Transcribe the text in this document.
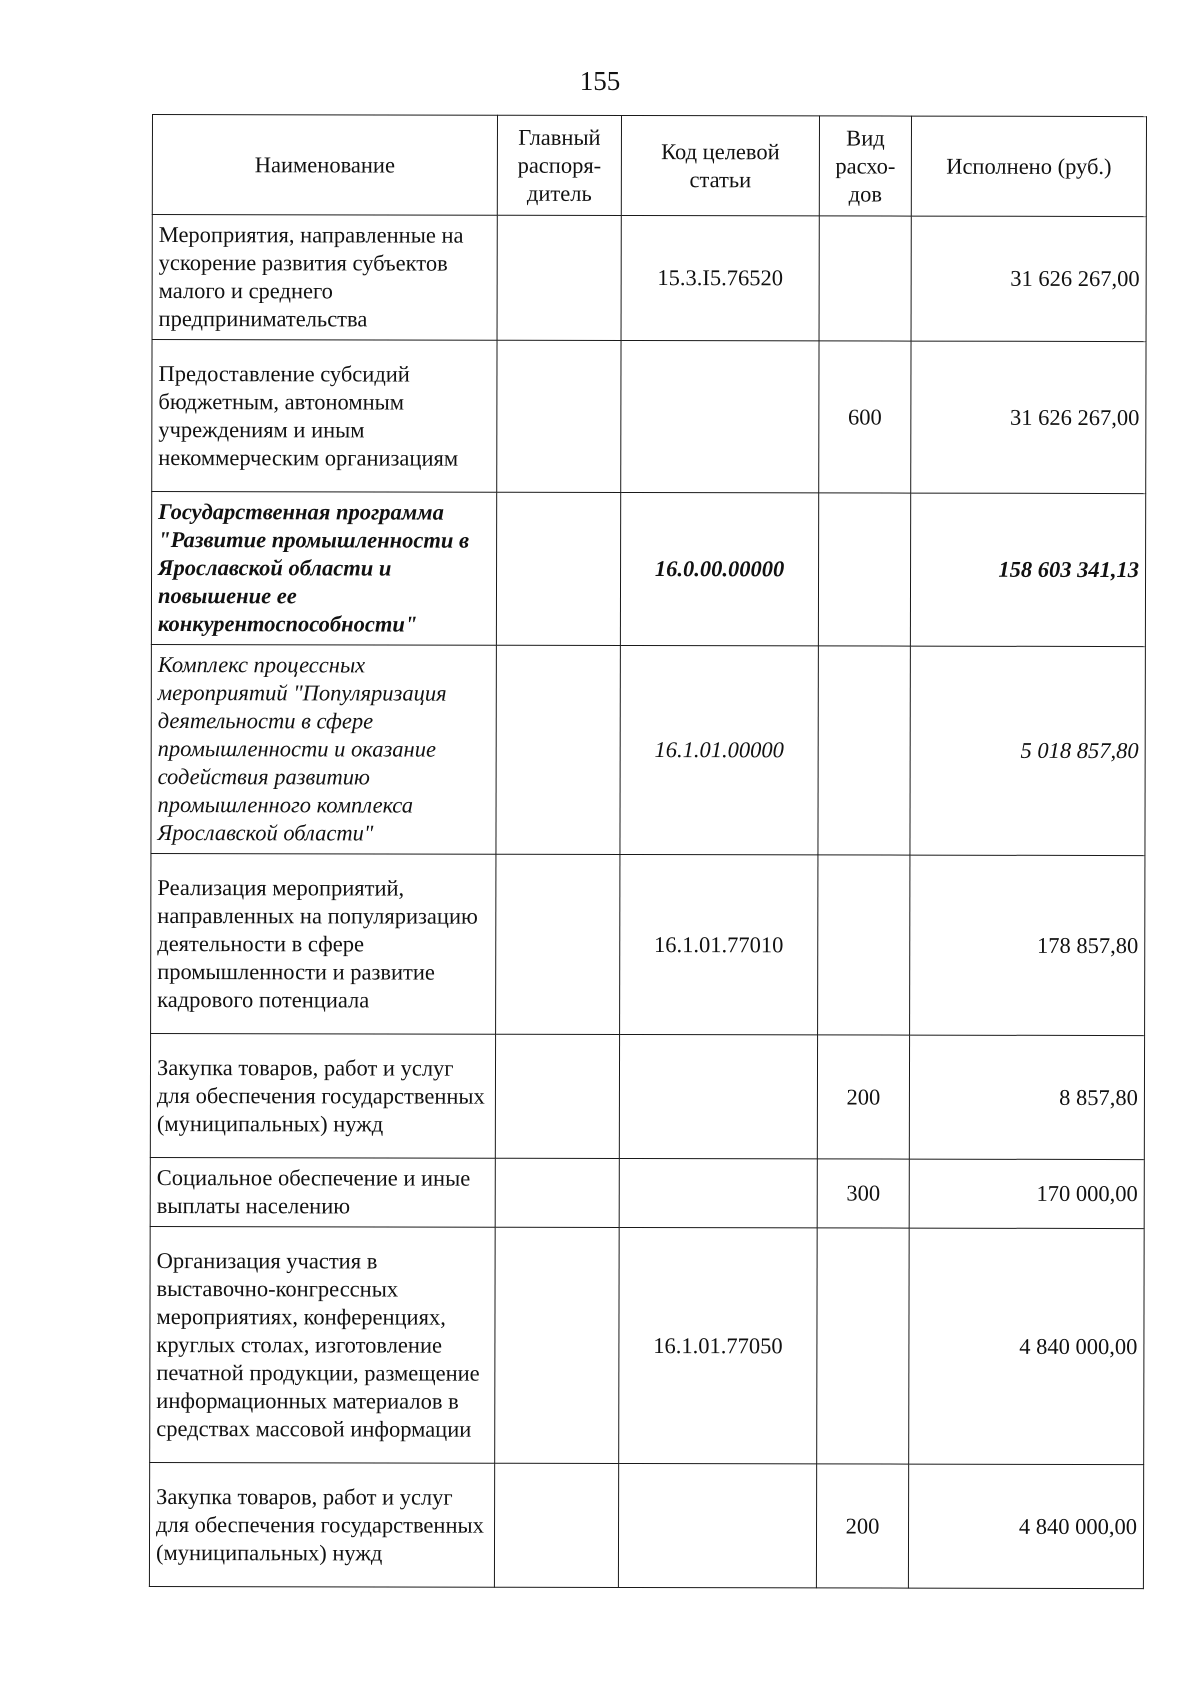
155
Наименование	Главный распоря-дитель	Код целевой статьи	Вид расхо-дов	Исполнено (руб.)
Мероприятия, направленные на ускорение развития субъектов малого и среднего предпринимательства		15.3.I5.76520		31 626 267,00
Предоставление субсидий бюджетным, автономным учреждениям и иным некоммерческим организациям			600	31 626 267,00
Государственная программа "Развитие промышленности в Ярославской области и повышение ее конкурентоспособности"		16.0.00.00000		158 603 341,13
Комплекс процессных мероприятий "Популяризация деятельности в сфере промышленности и оказание содействия развитию промышленного комплекса Ярославской области"		16.1.01.00000		5 018 857,80
Реализация мероприятий, направленных на популяризацию деятельности в сфере промышленности и развитие кадрового потенциала		16.1.01.77010		178 857,80
Закупка товаров, работ и услуг для обеспечения государственных (муниципальных) нужд			200	8 857,80
Социальное обеспечение и иные выплаты населению			300	170 000,00
Организация участия в выставочно-конгрессных мероприятиях, конференциях, круглых столах, изготовление печатной продукции, размещение информационных материалов в средствах массовой информации		16.1.01.77050		4 840 000,00
Закупка товаров, работ и услуг для обеспечения государственных (муниципальных) нужд			200	4 840 000,00
